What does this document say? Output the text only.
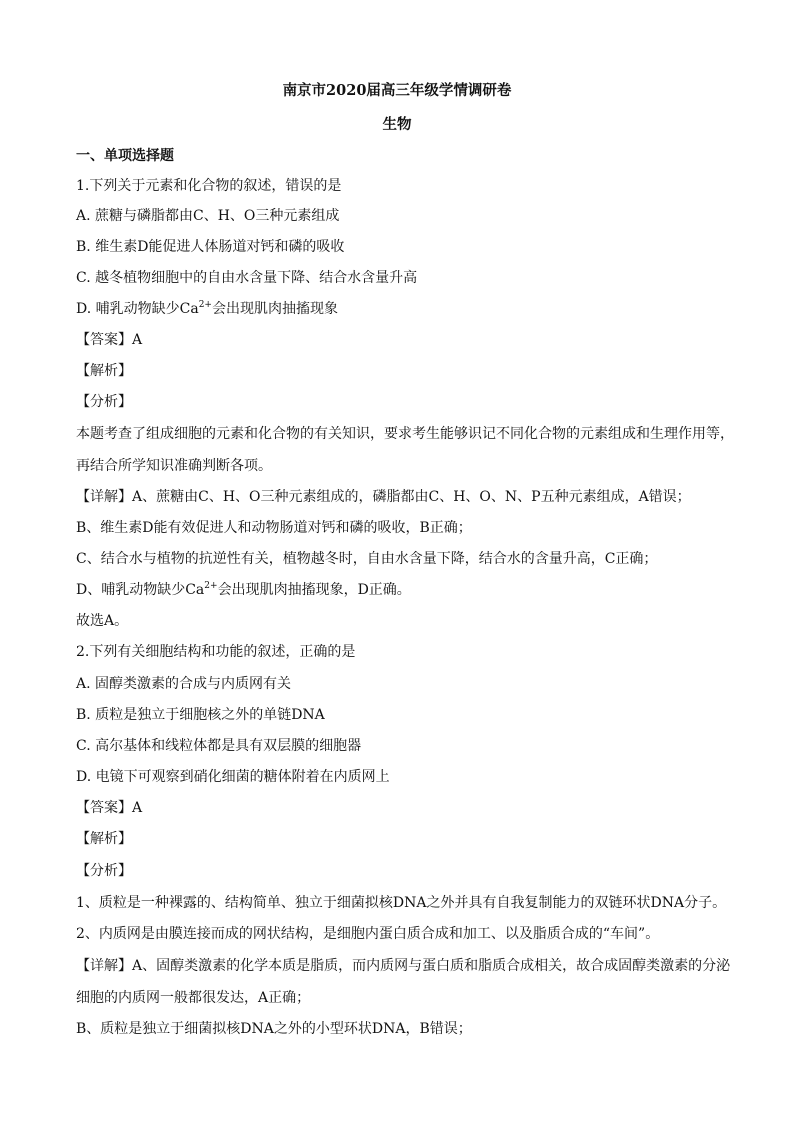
南京市2020届高三年级学情调研卷
生物
一、单项选择题
1.下列关于元素和化合物的叙述，错误的是
A. 蔗糖与磷脂都由C、H、O三种元素组成
B. 维生素D能促进人体肠道对钙和磷的吸收
C. 越冬植物细胞中的自由水含量下降、结合水含量升高
D. 哺乳动物缺少$Ca^{2+}$会出现肌肉抽搐现象
【答案】A
【解析】
【分析】
本题考查了组成细胞的元素和化合物的有关知识，要求考生能够识记不同化合物的元素组成和生理作用等，
再结合所学知识准确判断各项。
【详解】A、蔗糖由C、H、O三种元素组成的，磷脂都由C、H、O、N、P五种元素组成，A错误；
B、维生素D能有效促进人和动物肠道对钙和磷的吸收，B正确；
C、结合水与植物的抗逆性有关，植物越冬时，自由水含量下降，结合水的含量升高，C正确；
D、哺乳动物缺少$Ca^{2+}$会出现肌肉抽搐现象，D正确。
故选A。
2.下列有关细胞结构和功能的叙述，正确的是
A. 固醇类激素的合成与内质网有关
B. 质粒是独立于细胞核之外的单链DNA
C. 高尔基体和线粒体都是具有双层膜的细胞器
D. 电镜下可观察到硝化细菌的糖体附着在内质网上
【答案】A
【解析】
【分析】
1、质粒是一种裸露的、结构简单、独立于细菌拟核DNA之外并具有自我复制能力的双链环状DNA分子。
2、内质网是由膜连接而成的网状结构，是细胞内蛋白质合成和加工、以及脂质合成的“车间”。
【详解】A、固醇类激素的化学本质是脂质，而内质网与蛋白质和脂质合成相关，故合成固醇类激素的分泌
细胞的内质网一般都很发达，A正确；
B、质粒是独立于细菌拟核DNA之外的小型环状DNA，B错误；
